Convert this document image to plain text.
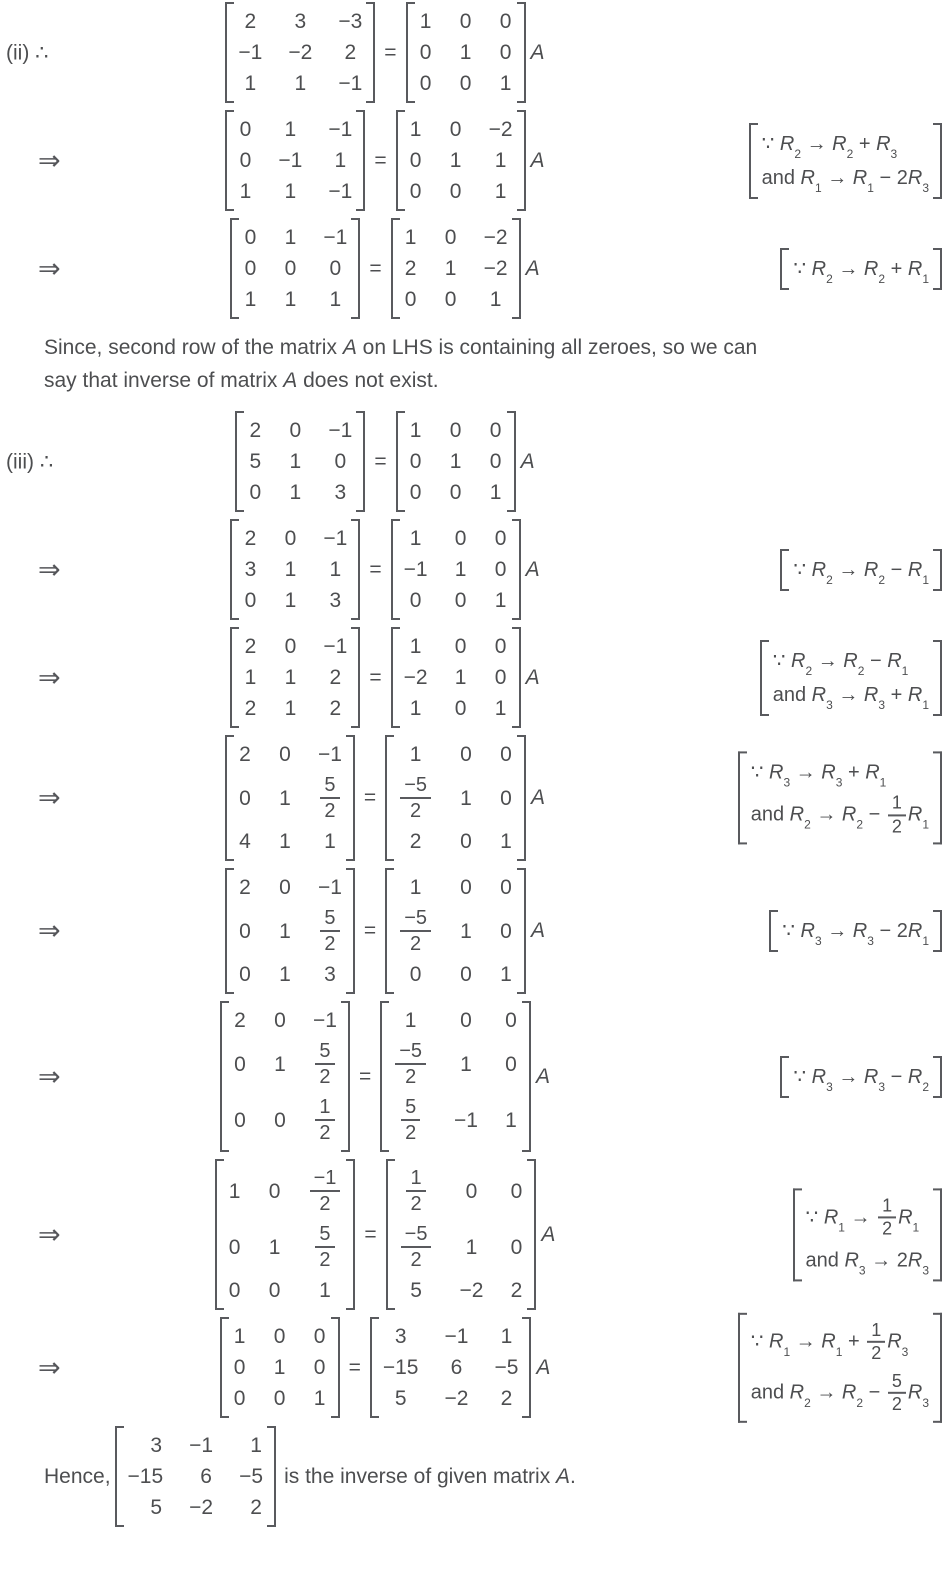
(ii) ∴
2 3 −3
−1 −2 2
1 1 −1
=
1 0 0
0 1 0
0 0 1
A
⇒
0 1 −1
0 −1 1
1 1 −1
=
1 0 −2
0 1 1
0 0 1
A
∵ $R_2 \to R_2 + R_3$
and $R_1 \to R_1 - 2R_3$
⇒
0 1 −1
0 0 0
1 1 1
=
1 0 −2
2 1 −2
0 0 1
A	∵ $R_2 \to R_2 + R_1$
Since, second row of the matrix A on LHS is containing all zeroes, so we can
say that inverse of matrix A does not exist.
(iii) ∴
2 0 −1
5 1 0
0 1 3
=
1 0 0
0 1 0
0 0 1
A
⇒
2 0 −1
3 1 1
0 1 3
=
1 0 0
−1 1 0
0 0 1
A	∵ $R_2 \to R_2 - R_1$
⇒
2 0 −1
1 1 2
2 1 2
=
1 0 0
−2 1 0
1 0 1
A
∵ $R_2 \to R_2 - R_1$
and $R_3 \to R_3 + R_1$
⇒
2 0 −1
0 $1 \frac{5}{2}$
4 1 1
=
1 0 0
$\frac{-5}{2} 1$ 0
2 0 1
A
∵ $R_3 \to R_3 + R_1$
and $R_2 \to R_2 - \frac{1}{2} R_1$
⇒
2 0 −1
0 $1 \frac{5}{2}$
0 1 3
=
1 0 0
$\frac{-5}{2} 1$ 0
0 0 1
A	∵ $R_3 \to R_3 - 2R_1$
⇒
2 0 −1
0 $1 \frac{5}{2}$
0 $0 \frac{1}{2}$
=
1 0 0
$\frac{-5}{2} 1$ 0
$\frac{5}{2} -1$ 1
A	∵ $R_3 \to R_3 - R_2$
⇒
1 $0 \frac{-1}{2}$
0 $1 \frac{5}{2}$
0 0 1
=
$\frac{1}{2} 0$ 0
$\frac{-5}{2} 1$ 0
5 −2 2
A
∵ $R_1 \to \frac{1}{2} R_1$
and $R_3 \to 2R_3$
⇒
1 0 0
0 1 0
0 0 1
=
3 −1 1
−15 6 −5
5 −2 2
A
∵ $R_1 \to R_1 + \frac{1}{2} R_3$
and $R_2 \to R_2 - \frac{5}{2} R_3$
Hence,
3 −1 1
−15 6 −5
5 −2 2
is the inverse of given matrix A.
